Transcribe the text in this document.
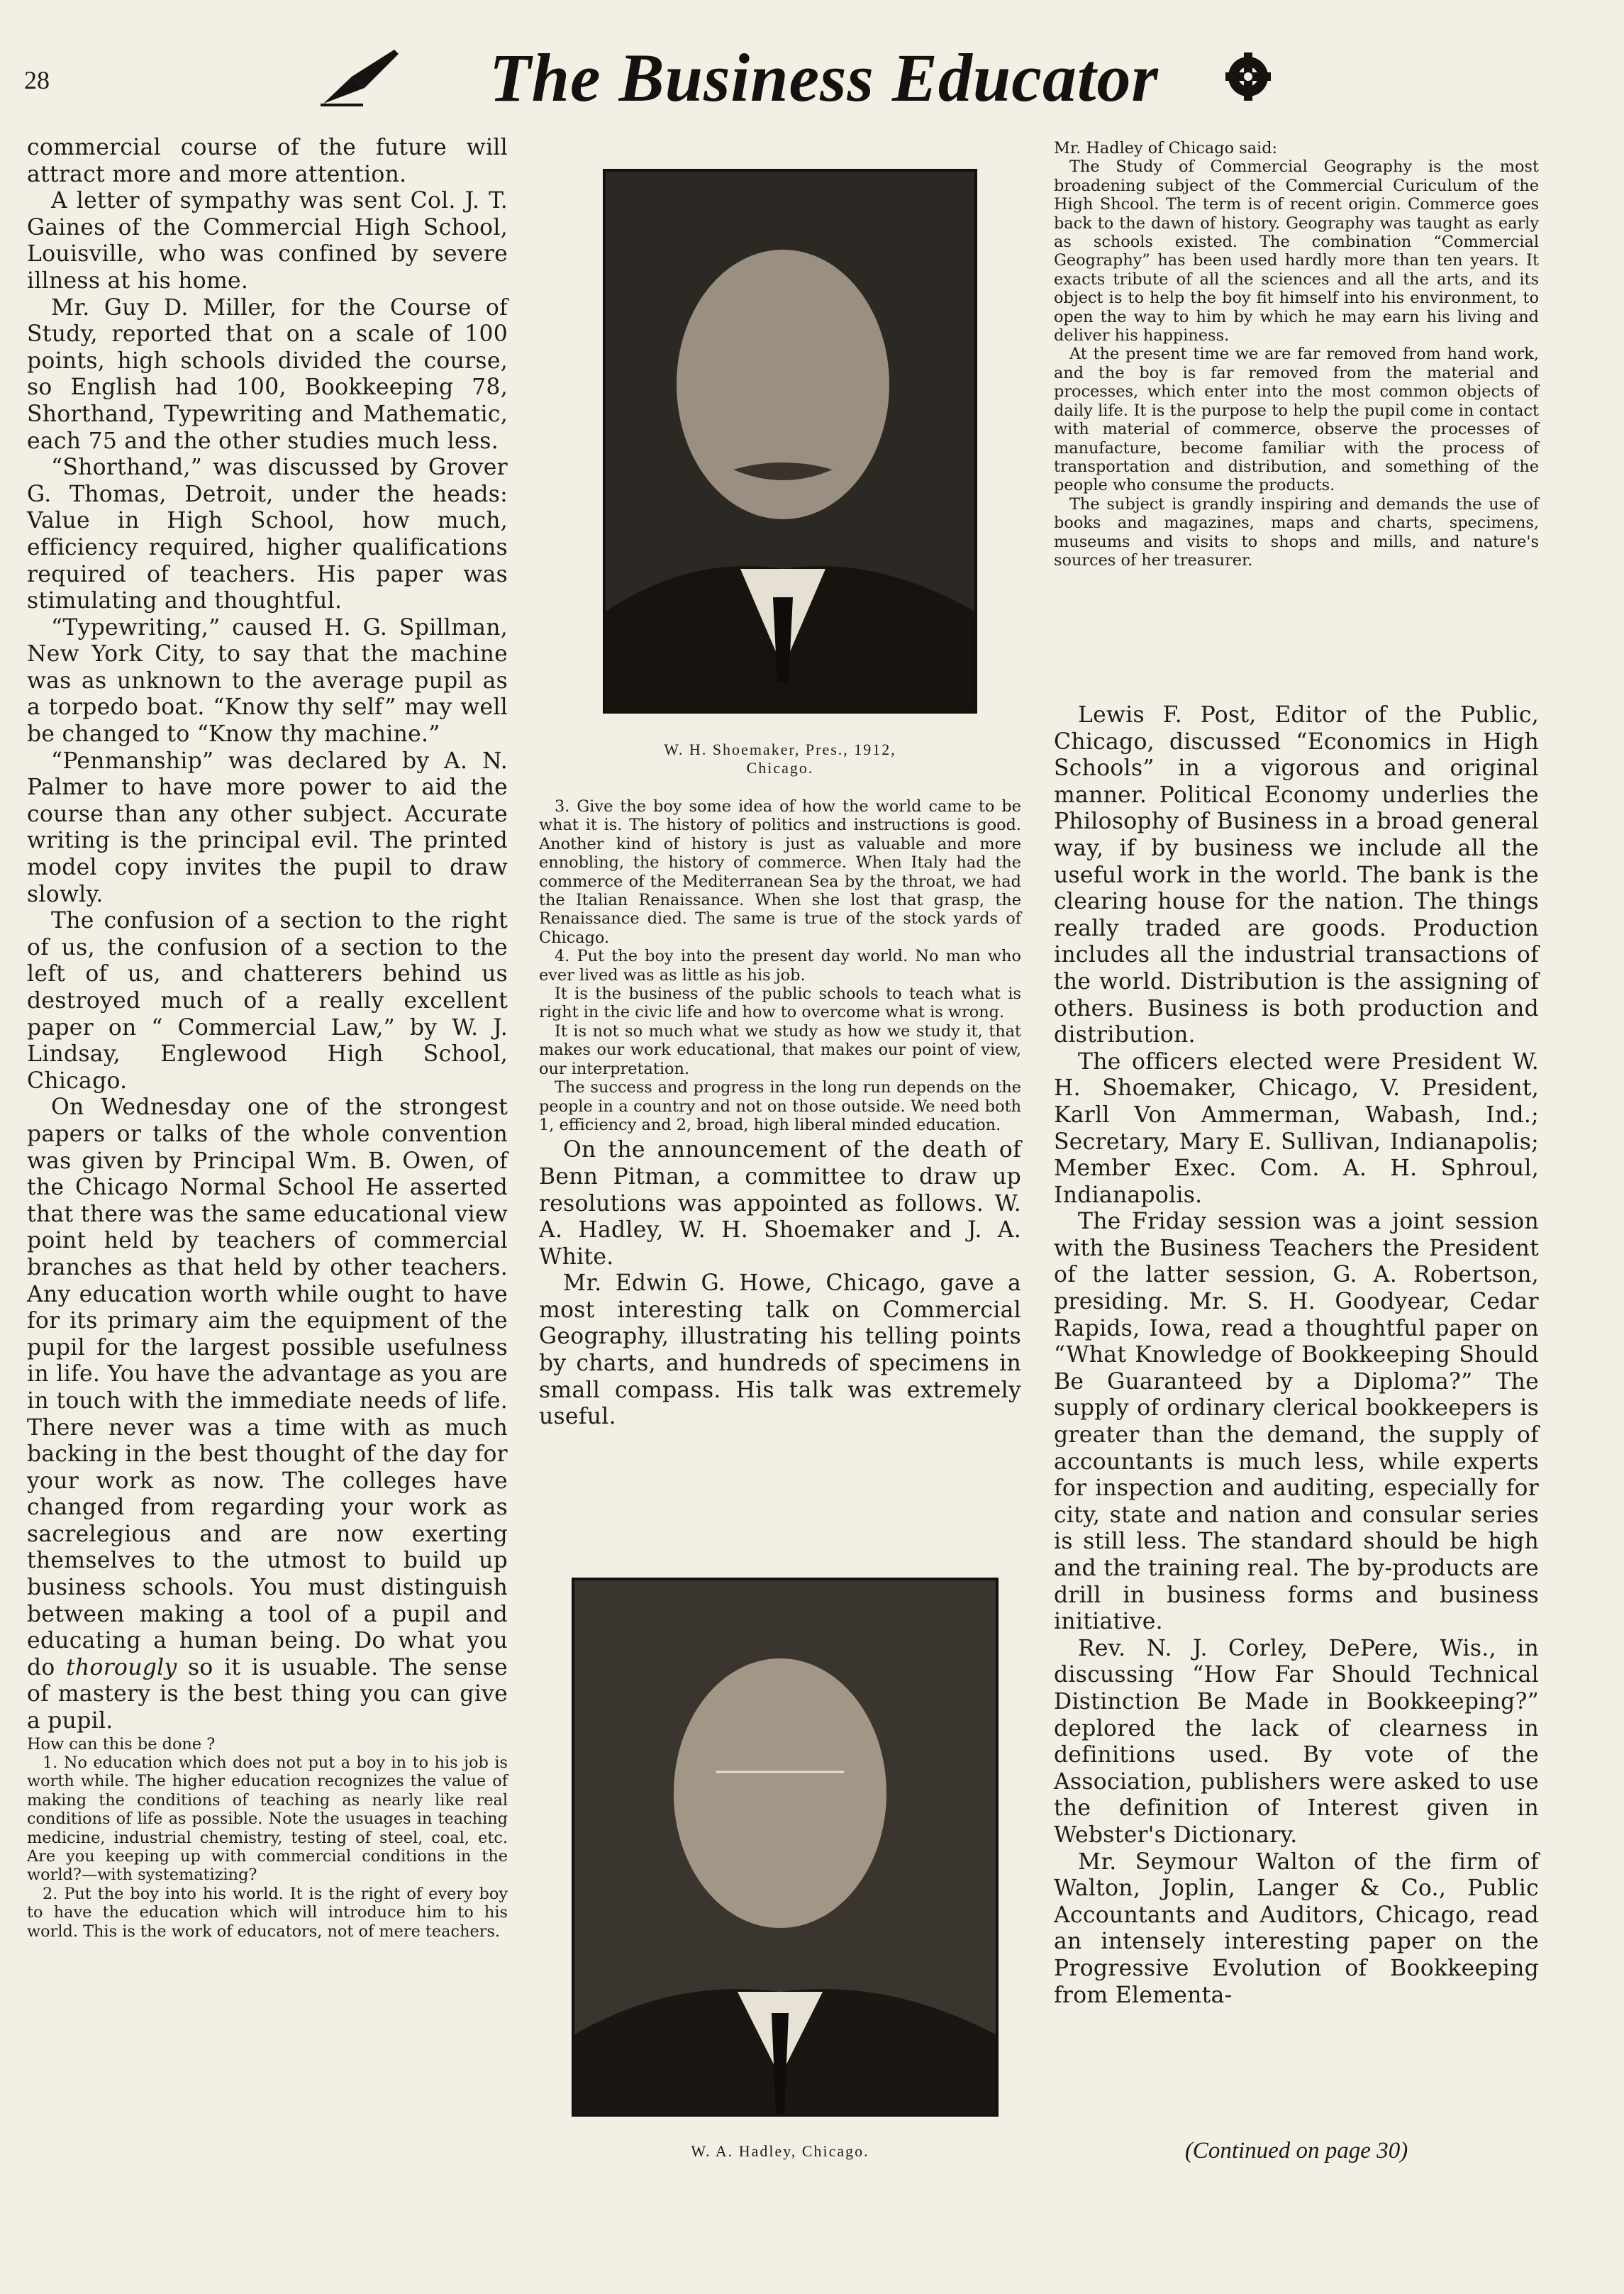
28	The Business Educator

commercial course of the future will attract more and more attention.

A letter of sympathy was sent Col. J. T. Gaines of the Commercial High School, Louisville, who was confined by severe illness at his home.

Mr. Guy D. Miller, for the Course of Study, reported that on a scale of 100 points, high schools divided the course, so English had 100, Bookkeeping 78, Shorthand, Typewriting and Mathematic, each 75 and the other studies much less.

“Shorthand,” was discussed by Grover G. Thomas, Detroit, under the heads: Value in High School, how much, efficiency required, higher qualifications required of teachers. His paper was stimulating and thoughtful.

“Typewriting,” caused H. G. Spillman, New York City, to say that the machine was as unknown to the average pupil as a torpedo boat. “Know thy self” may well be changed to “Know thy machine.”

“Penmanship” was declared by A. N. Palmer to have more power to aid the course than any other subject. Accurate writing is the principal evil. The printed model copy invites the pupil to draw slowly.

The confusion of a section to the right of us, the confusion of a section to the left of us, and chatterers behind us destroyed much of a really excellent paper on “ Commercial Law,” by W. J. Lindsay, Englewood High School, Chicago.

On Wednesday one of the strongest papers or talks of the whole convention was given by Principal Wm. B. Owen, of the Chicago Normal School He asserted that there was the same educational view point held by teachers of commercial branches as that held by other teachers. Any education worth while ought to have for its primary aim the equipment of the pupil for the largest possible usefulness in life. You have the advantage as you are in touch with the immediate needs of life. There never was a time with as much backing in the best thought of the day for your work as now. The colleges have changed from regarding your work as sacrelegious and are now exerting themselves to the utmost to build up business schools. You must distinguish between making a tool of a pupil and educating a human being. Do what you do thorougly so it is usuable. The sense of mastery is the best thing you can give a pupil.

How can this be done ?

1. No education which does not put a boy in to his job is worth while. The higher education recognizes the value of making the conditions of teaching as nearly like real conditions of life as possible. Note the usuages in teaching medicine, industrial chemistry, testing of steel, coal, etc. Are you keeping up with commercial conditions in the world?—with systematizing?

2. Put the boy into his world. It is the right of every boy to have the education which will introduce him to his world. This is the work of educators, not of mere teachers.

W. H. Shoemaker, Pres., 1912,
Chicago.

3. Give the boy some idea of how the world came to be what it is. The history of politics and instructions is good. Another kind of history is just as valuable and more ennobling, the history of commerce. When Italy had the commerce of the Mediterranean Sea by the throat, we had the Italian Renaissance. When she lost that grasp, the Renaissance died. The same is true of the stock yards of Chicago.

4. Put the boy into the present day world. No man who ever lived was as little as his job.

It is the business of the public schools to teach what is right in the civic life and how to overcome what is wrong.

It is not so much what we study as how we study it, that makes our work educational, that makes our point of view, our interpretation.

The success and progress in the long run depends on the people in a country and not on those outside. We need both 1, efficiency and 2, broad, high liberal minded education.

On the announcement of the death of Benn Pitman, a committee to draw up resolutions was appointed as follows. W. A. Hadley, W. H. Shoemaker and J. A. White.

Mr. Edwin G. Howe, Chicago, gave a most interesting talk on Commercial Geography, illustrating his telling points by charts, and hundreds of specimens in small compass. His talk was extremely useful.

W. A. Hadley, Chicago.

Mr. Hadley of Chicago said:

The Study of Commercial Geography is the most broadening subject of the Commercial Curiculum of the High Shcool. The term is of recent origin. Commerce goes back to the dawn of history. Geography was taught as early as schools existed. The combination “Commercial Geography” has been used hardly more than ten years. It exacts tribute of all the sciences and all the arts, and its object is to help the boy fit himself into his environment, to open the way to him by which he may earn his living and deliver his happiness.

At the present time we are far removed from hand work, and the boy is far removed from the material and processes, which enter into the most common objects of daily life. It is the purpose to help the pupil come in contact with material of commerce, observe the processes of manufacture, become familiar with the process of transportation and distribution, and something of the people who consume the products.

The subject is grandly inspiring and demands the use of books and magazines, maps and charts, specimens, museums and visits to shops and mills, and nature's sources of her treasurer.

Lewis F. Post, Editor of the Public, Chicago, discussed “Economics in High Schools” in a vigorous and original manner. Political Economy underlies the Philosophy of Business in a broad general way, if by business we include all the useful work in the world. The bank is the clearing house for the nation. The things really traded are goods. Production includes all the industrial transactions of the world. Distribution is the assigning of others. Business is both production and distribution.

The officers elected were President W. H. Shoemaker, Chicago, V. President, Karll Von Ammerman, Wabash, Ind.; Secretary, Mary E. Sullivan, Indianapolis; Member Exec. Com. A. H. Sphroul, Indianapolis.

The Friday session was a joint session with the Business Teachers the President of the latter session, G. A. Robertson, presiding. Mr. S. H. Goodyear, Cedar Rapids, Iowa, read a thoughtful paper on “What Knowledge of Bookkeeping Should Be Guaranteed by a Diploma?” The supply of ordinary clerical bookkeepers is greater than the demand, the supply of accountants is much less, while experts for inspection and auditing, especially for city, state and nation and consular series is still less. The standard should be high and the training real. The by-products are drill in business forms and business initiative.

Rev. N. J. Corley, DePere, Wis., in discussing “How Far Should Technical Distinction Be Made in Bookkeeping?” deplored the lack of clearness in definitions used. By vote of the Association, publishers were asked to use the definition of Interest given in Webster's Dictionary.

Mr. Seymour Walton of the firm of Walton, Joplin, Langer & Co., Public Accountants and Auditors, Chicago, read an intensely interesting paper on the Progressive Evolution of Bookkeeping from Elementa-

(Continued on page 30)
